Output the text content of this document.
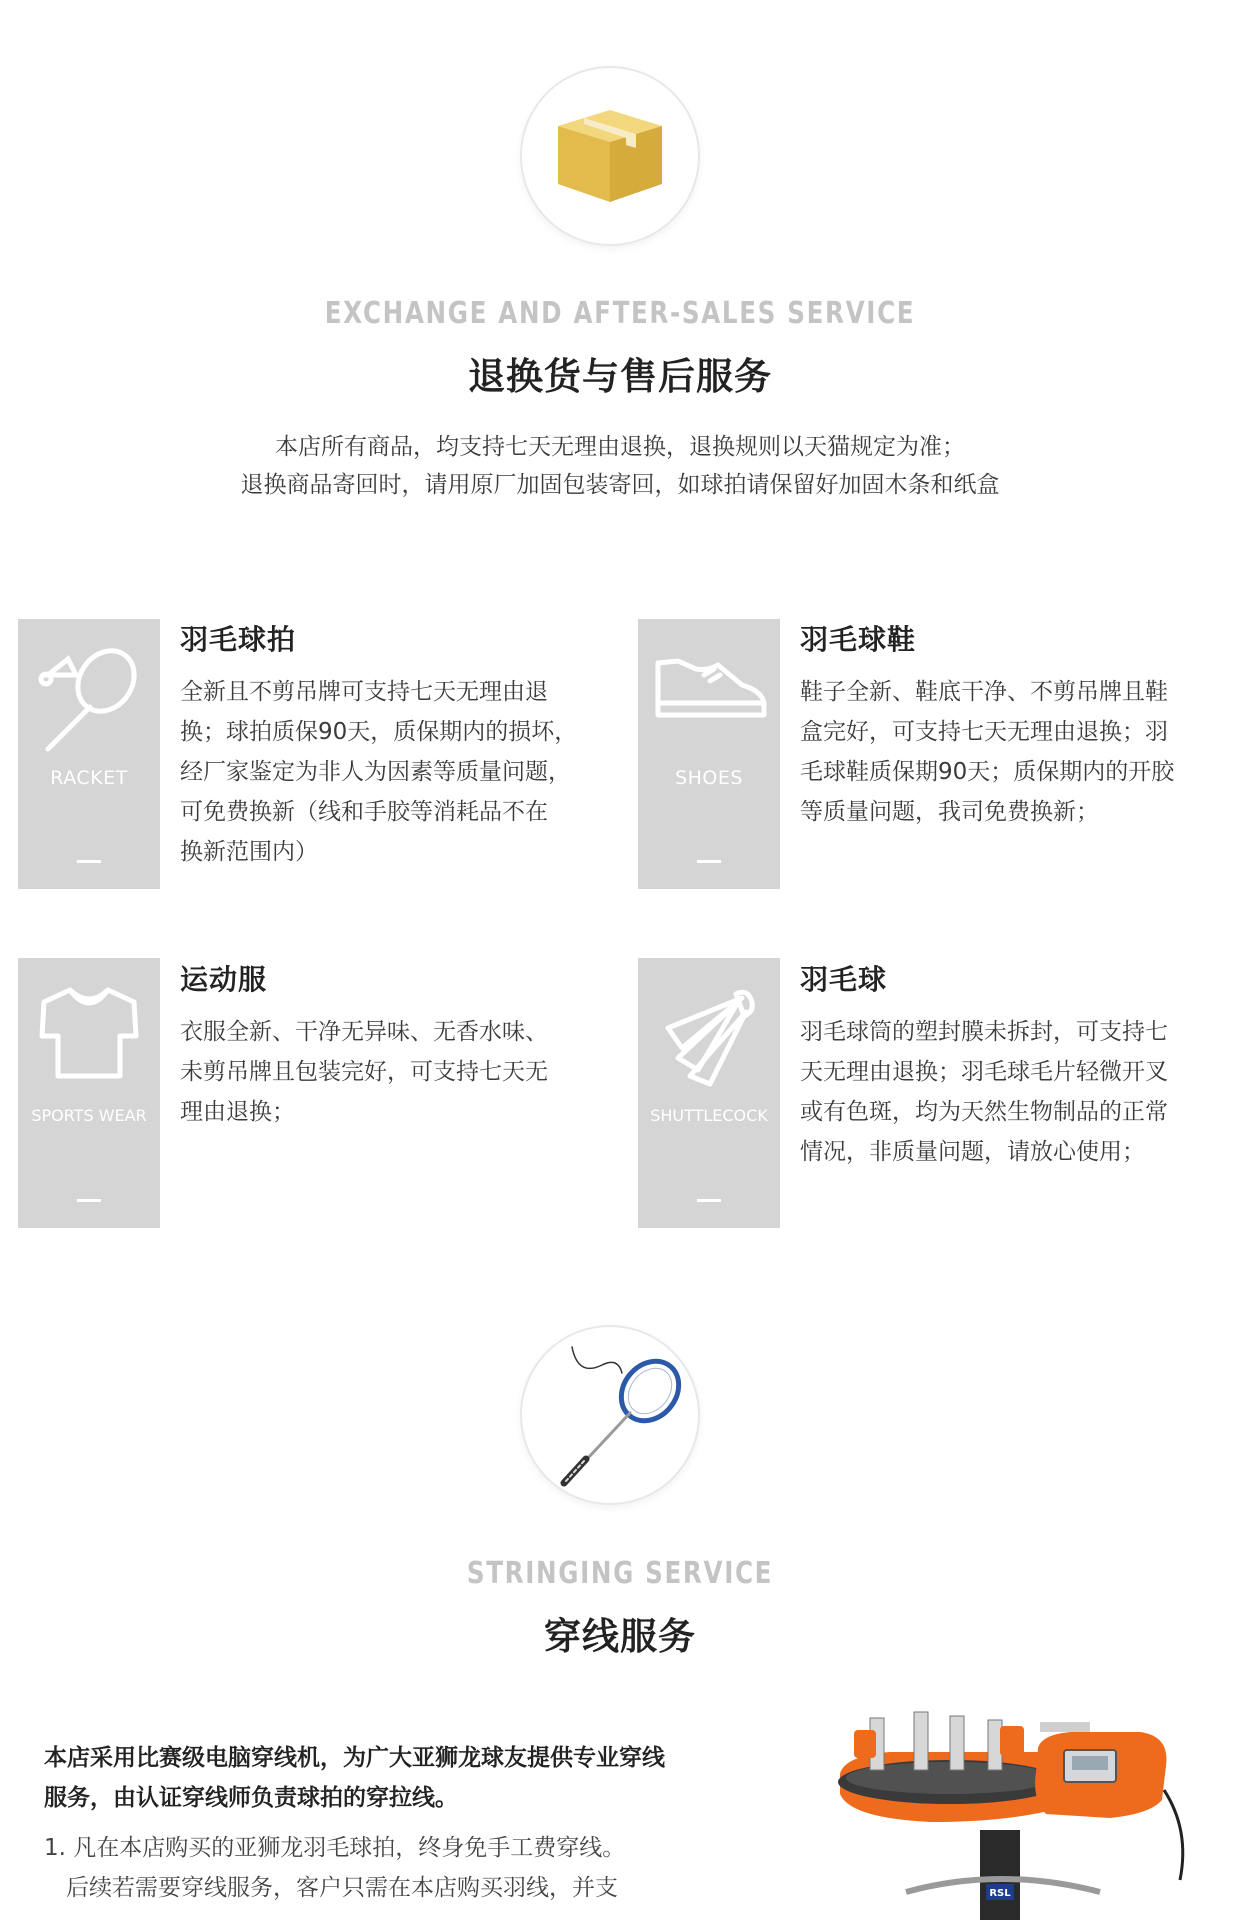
EXCHANGE AND AFTER-SALES SERVICE
退换货与售后服务
本店所有商品，均支持七天无理由退换，退换规则以天猫规定为准；
退换商品寄回时，请用原厂加固包装寄回，如球拍请保留好加固木条和纸盒
RACKET
羽毛球拍
全新且不剪吊牌可支持七天无理由退
换；球拍质保90天，质保期内的损坏，
经厂家鉴定为非人为因素等质量问题，
可免费换新（线和手胶等消耗品不在
换新范围内）
SHOES
羽毛球鞋
鞋子全新、鞋底干净、不剪吊牌且鞋
盒完好，可支持七天无理由退换；羽
毛球鞋质保期90天；质保期内的开胶
等质量问题，我司免费换新；
SPORTS WEAR
运动服
衣服全新、干净无异味、无香水味、
未剪吊牌且包装完好，可支持七天无
理由退换；	SHUTTLECOCK
羽毛球
羽毛球筒的塑封膜未拆封，可支持七
天无理由退换；羽毛球毛片轻微开叉
或有色斑，均为天然生物制品的正常
情况，非质量问题，请放心使用；
STRINGING SERVICE
穿线服务
本店采用比赛级电脑穿线机，为广大亚狮龙球友提供专业穿线
服务，由认证穿线师负责球拍的穿拉线。
1. 凡在本店购买的亚狮龙羽毛球拍，终身免手工费穿线。
后续若需要穿线服务，客户只需在本店购买羽线，并支	RSL
